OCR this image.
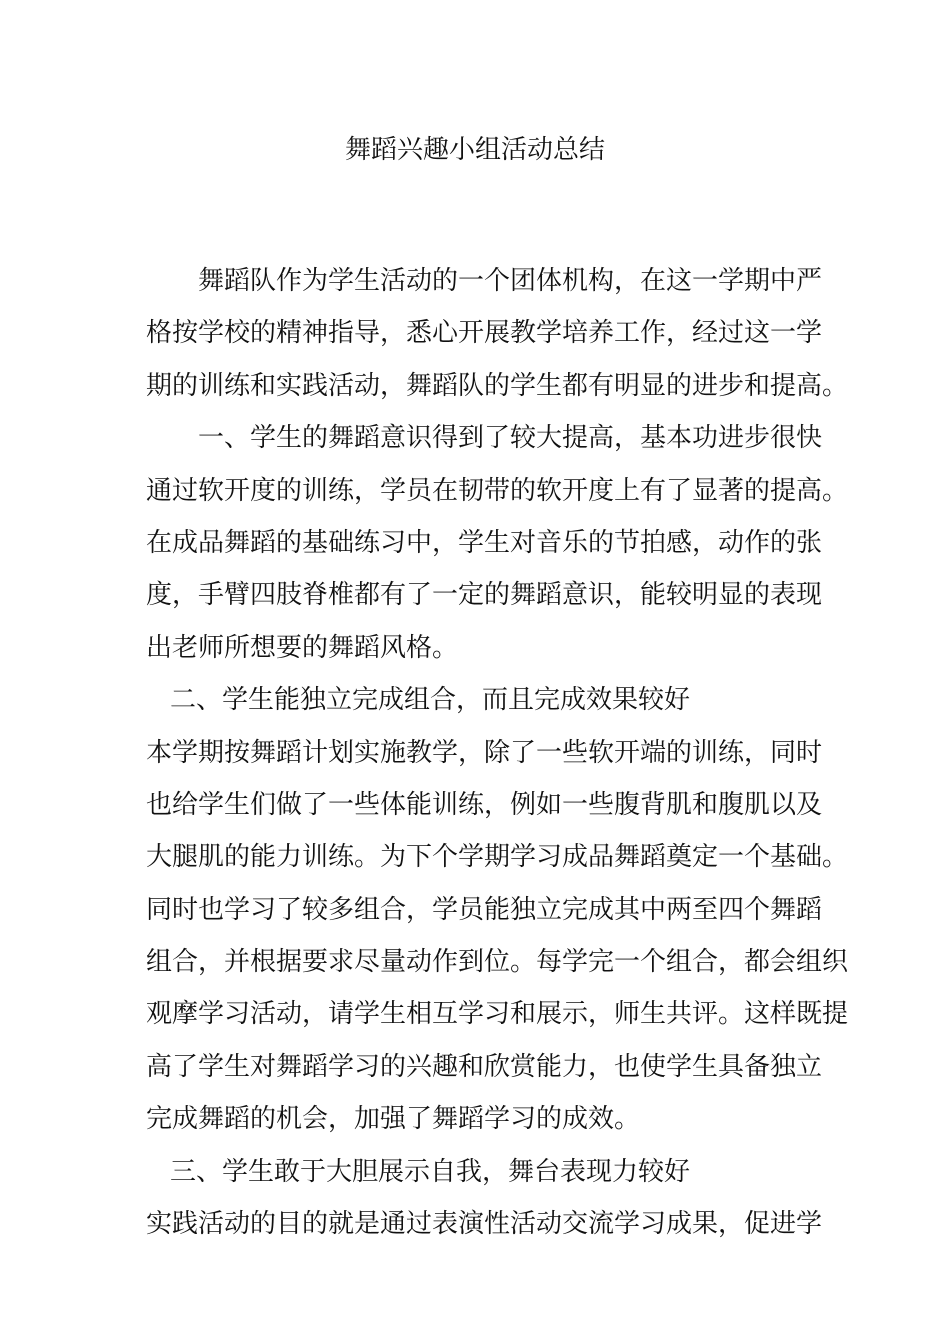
舞蹈兴趣小组活动总结
舞蹈队作为学生活动的一个团体机构，在这一学期中严
格按学校的精神指导，悉心开展教学培养工作，经过这一学
期的训练和实践活动，舞蹈队的学生都有明显的进步和提高。
一、学生的舞蹈意识得到了较大提高，基本功进步很快
通过软开度的训练，学员在韧带的软开度上有了显著的提高。
在成品舞蹈的基础练习中，学生对音乐的节拍感，动作的张
度，手臂四肢脊椎都有了一定的舞蹈意识，能较明显的表现
出老师所想要的舞蹈风格。
二、学生能独立完成组合，而且完成效果较好
本学期按舞蹈计划实施教学，除了一些软开端的训练，同时
也给学生们做了一些体能训练，例如一些腹背肌和腹肌以及
大腿肌的能力训练。为下个学期学习成品舞蹈奠定一个基础。
同时也学习了较多组合，学员能独立完成其中两至四个舞蹈
组合，并根据要求尽量动作到位。每学完一个组合，都会组织
观摩学习活动，请学生相互学习和展示，师生共评。这样既提
高了学生对舞蹈学习的兴趣和欣赏能力，也使学生具备独立
完成舞蹈的机会，加强了舞蹈学习的成效。
三、学生敢于大胆展示自我，舞台表现力较好
实践活动的目的就是通过表演性活动交流学习成果，促进学
